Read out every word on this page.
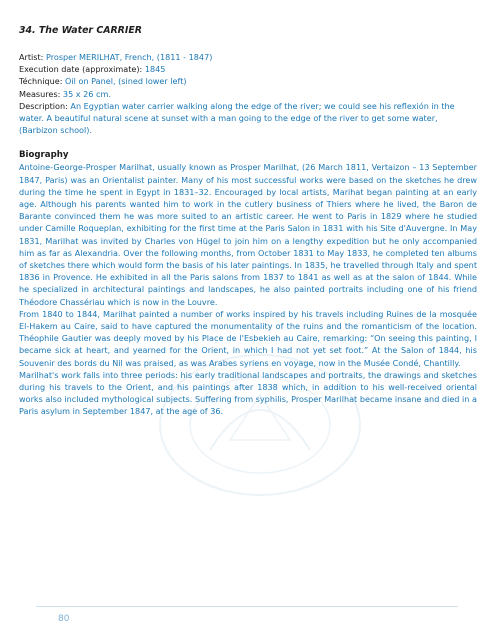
34. The Water CARRIER
Artist: Prosper MERILHAT, French, (1811 - 1847)
Execution date (approximate): 1845
Téchnique: Oil on Panel, (sined lower left)
Measures: 35 x 26 cm.
Description: An Egyptian water carrier walking along the edge of the river; we could see his reflexión in the water. A beautiful natural scene at sunset with a man going to the edge of the river to get some water, (Barbizon school).
Biography

Antoine-George-Prosper Marilhat, usually known as Prosper Marilhat, (26 March 1811, Vertaizon – 13 September 1847, Paris) was an Orientalist painter. Many of his most successful works were based on the sketches he drew during the time he spent in Egypt in 1831–32. Encouraged by local artists, Marihat began painting at an early age. Although his parents wanted him to work in the cutlery business of Thiers where he lived, the Baron de Barante convinced them he was more suited to an artistic career. He went to Paris in 1829 where he studied under Camille Roqueplan, exhibiting for the first time at the Paris Salon in 1831 with his Site d'Auvergne. In May 1831, Marilhat was invited by Charles von Hügel to join him on a lengthy expedition but he only accompanied him as far as Alexandria. Over the following months, from October 1831 to May 1833, he completed ten albums of sketches there which would form the basis of his later paintings. In 1835, he travelled through Italy and spent 1836 in Provence. He exhibited in all the Paris salons from 1837 to 1841 as well as at the salon of 1844. While he specialized in architectural paintings and landscapes, he also painted portraits including one of his friend Théodore Chassériau which is now in the Louvre.

From 1840 to 1844, Marilhat painted a number of works inspired by his travels including Ruines de la mosquée El-Hakem au Caire, said to have captured the monumentality of the ruins and the romanticism of the location. Théophile Gautier was deeply moved by his Place de l'Esbekieh au Caire, remarking: “On seeing this painting, I became sick at heart, and yearned for the Orient, in which I had not yet set foot.” At the Salon of 1844, his Souvenir des bords du Nil was praised, as was Arabes syriens en voyage, now in the Musée Condé, Chantilly.

Marilhat's work falls into three periods: his early traditional landscapes and portraits, the drawings and sketches during his travels to the Orient, and his paintings after 1838 which, in addition to his well-received oriental works also included mythological subjects. Suffering from syphilis, Prosper Marilhat became insane and died in a Paris asylum in September 1847, at the age of 36.

80
